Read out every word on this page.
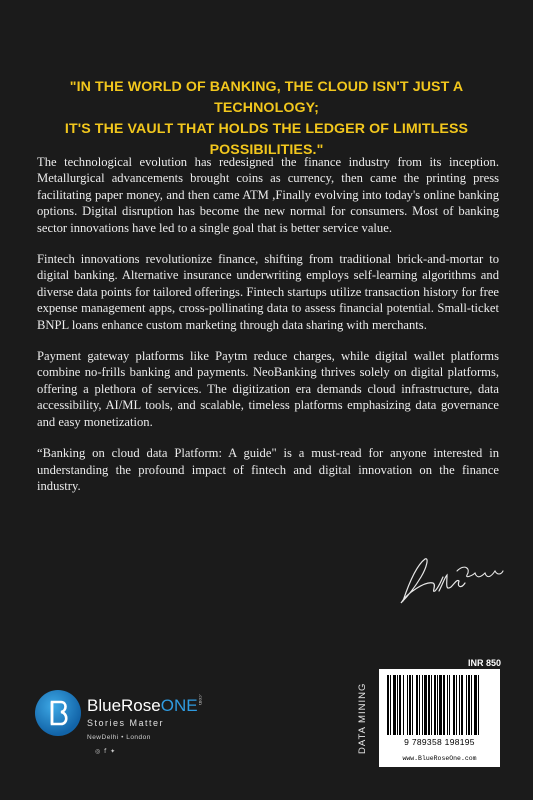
"IN THE WORLD OF BANKING, THE CLOUD ISN'T JUST A TECHNOLOGY;
IT'S THE VAULT THAT HOLDS THE LEDGER OF LIMITLESS POSSIBILITIES."

The technological evolution has redesigned the finance industry from its inception. Metallurgical advancements brought coins as currency, then came the printing press facilitating paper money, and then came ATM ,Finally evolving into today's online banking options. Digital disruption has become the new normal for consumers. Most of banking sector innovations have led to a single goal that is better service value.

Fintech innovations revolutionize finance, shifting from traditional brick-and-mortar to digital banking. Alternative insurance underwriting employs self-learning algorithms and diverse data points for tailored offerings. Fintech startups utilize transaction history for free expense management apps, cross-pollinating data to assess financial potential. Small-ticket BNPL loans enhance custom marketing through data sharing with merchants.

Payment gateway platforms like Paytm reduce charges, while digital wallet platforms combine no-frills banking and payments. NeoBanking thrives solely on digital platforms, offering a plethora of services. The digitization era demands cloud infrastructure, data accessibility, AI/ML tools, and scalable, timeless platforms emphasizing data governance and easy monetization.

“Banking on cloud data Platform: A guide" is a must-read for anyone interested in understanding the profound impact of fintech and digital innovation on the finance industry.

INR 850
DATA MINING	9 789358 198195
www.BlueRoseOne.com
BlueRoseONE .com
Stories Matter
NewDelhi • London
◎ f ✦
